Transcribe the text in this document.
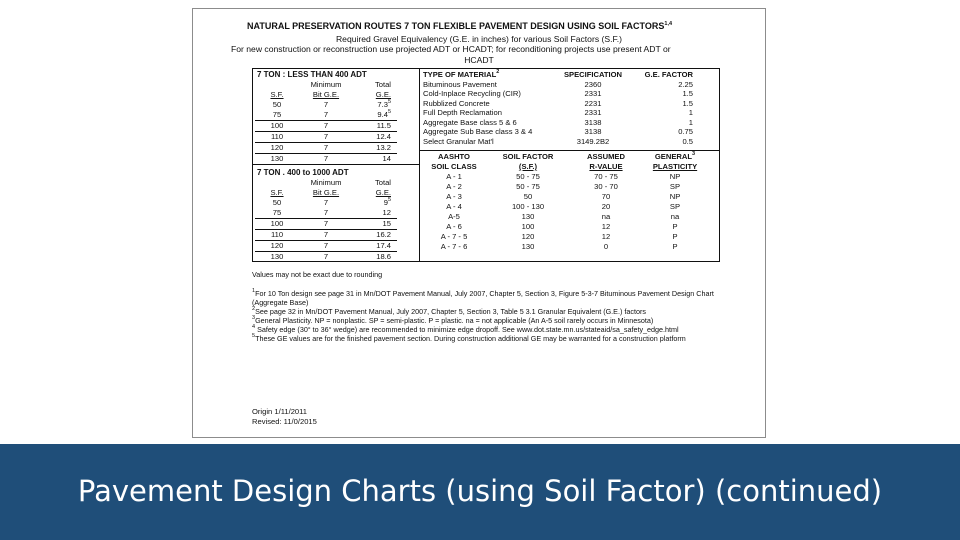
NATURAL PRESERVATION ROUTES 7 TON FLEXIBLE PAVEMENT DESIGN USING SOIL FACTORS$^{1,4}$
Required Gravel Equivalency (G.E. in inches) for various Soil Factors (S.F.)
For new construction or reconstruction use projected ADT or HCADT; for reconditioning projects use present ADT or
HCADT
7 TON : LESS THAN 400 ADT		
	Minimum	Total
S.F.	Bit G.E.	G.E.
50	7	$7.3^5$
75	7	$9.4^5$
100	7	11.5
110	7	12.4
120	7	13.2
130	7	14
7 TON . 400 to 1000 ADT		
	Minimum	Total
S.F.	Bit G.E.	G.E.
50	7	$9^5$
75	7	12
100	7	15
110	7	16.2
120	7	17.4
130	7	18.6
TYPE OF MATERIAL$^2$	SPECIFICATION	G.E. FACTOR
Bituminous Pavement	2360	2.25
Cold-Inplace Recycling (CIR)	2331	1.5
Rubblized Concrete	2231	1.5
Full Depth Reclamation	2331	1
Aggregate Base class 5 & 6	3138	1
Aggregate Sub Base class 3 & 4	3138	0.75
Select Granular Mat'l	3149.2B2	0.5
AASHTO	SOIL FACTOR	ASSUMED	GENERAL$^3$
SOIL CLASS	(S.F.)	R-VALUE	PLASTICITY
A - 1	50 - 75	70 - 75	NP
A - 2	50 - 75	30 - 70	SP
A - 3	50	70	NP
A - 4	100 - 130	20	SP
A-5	130	na	na
A - 6	100	12	P
A - 7 - 5	120	12	P
A - 7 - 6	130	0	P

Values may not be exact due to rounding

$^1$For 10 Ton design see page 31 in Mn/DOT Pavement Manual, July 2007, Chapter 5, Section 3, Figure 5-3-7 Bituminous Pavement Design Chart (Aggregate Base)

$^2$See page 32 in Mn/DOT Pavement Manual, July 2007, Chapter 5, Section 3, Table 5 3.1 Granular Equivalent (G.E.) factors

$^3$General Plasticity. NP = nonplastic. SP = semi-plastic. P = plastic. na = not applicable (An A-5 soil rarely occurs in Minnesota)

$^4$ Safety edge (30° to 36° wedge) are recommended to minimize edge dropoff. See www.dot.state.mn.us/stateaid/sa_safety_edge.html

$^5$These GE values are for the finished pavement section. During construction additional GE may be warranted for a construction platform

Origin 1/11/2011
Revised: 11/0/2015
Pavement Design Charts (using Soil Factor) (continued)
